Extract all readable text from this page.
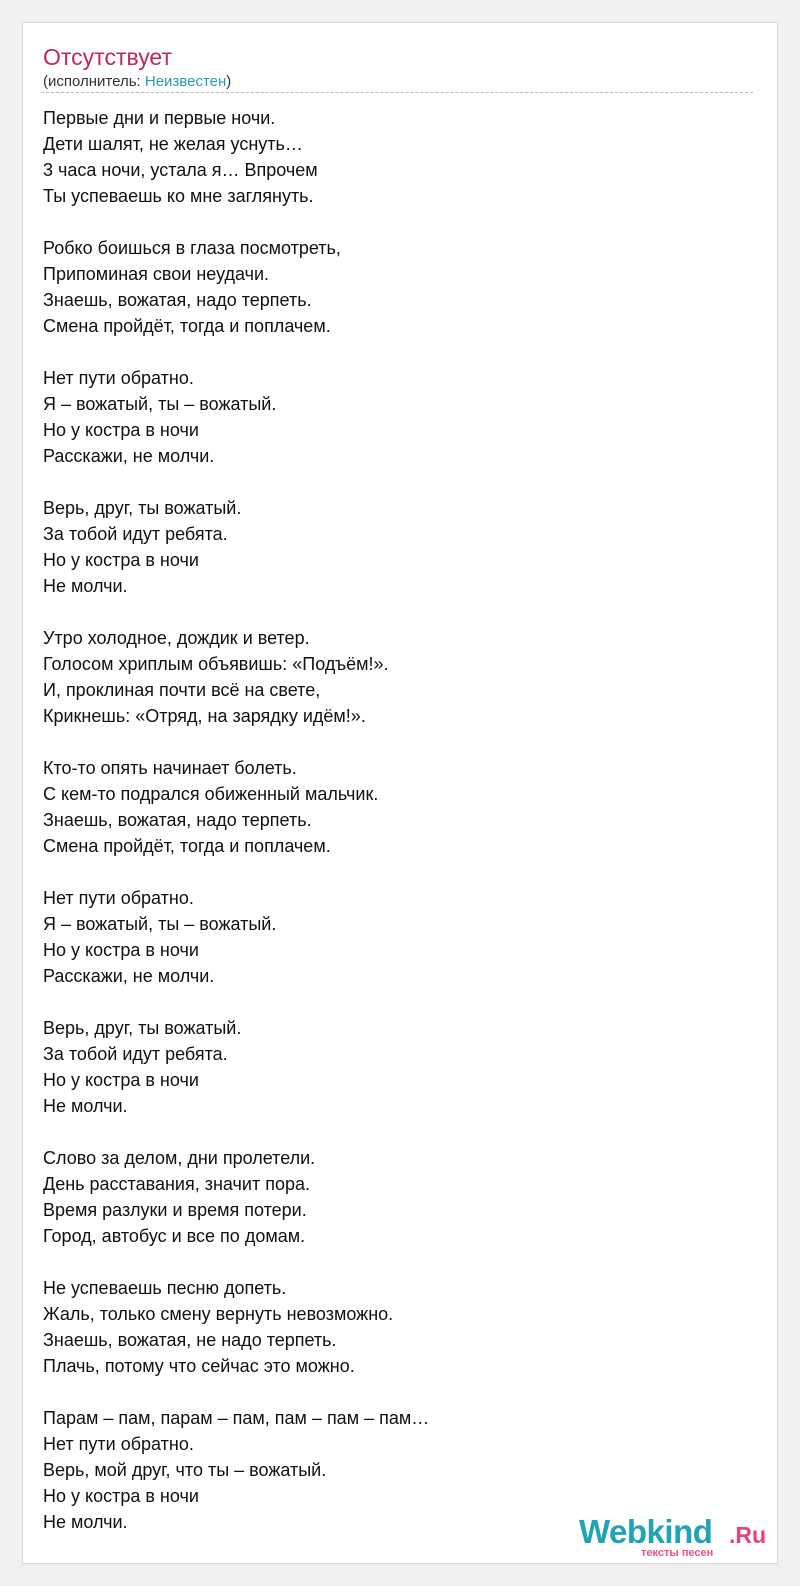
Отсутствует
(исполнитель: Неизвестен)
Первые дни и первые ночи.
Дети шалят, не желая уснуть…
3 часа ночи, устала я… Впрочем
Ты успеваешь ко мне заглянуть.
Робко боишься в глаза посмотреть,
Припоминая свои неудачи.
Знаешь, вожатая, надо терпеть.
Смена пройдёт, тогда и поплачем.
Нет пути обратно.
Я – вожатый, ты – вожатый.
Но у костра в ночи
Расскажи, не молчи.
Верь, друг, ты вожатый.
За тобой идут ребята.
Но у костра в ночи
Не молчи.
Утро холодное, дождик и ветер.
Голосом хриплым объявишь: «Подъём!».
И, проклиная почти всё на свете,
Крикнешь: «Отряд, на зарядку идём!».
Кто-то опять начинает болеть.
С кем-то подрался обиженный мальчик.
Знаешь, вожатая, надо терпеть.
Смена пройдёт, тогда и поплачем.
Нет пути обратно.
Я – вожатый, ты – вожатый.
Но у костра в ночи
Расскажи, не молчи.
Верь, друг, ты вожатый.
За тобой идут ребята.
Но у костра в ночи
Не молчи.
Слово за делом, дни пролетели.
День расставания, значит пора.
Время разлуки и время потери.
Город, автобус и все по домам.
Не успеваешь песню допеть.
Жаль, только смену вернуть невозможно.
Знаешь, вожатая, не надо терпеть.
Плачь, потому что сейчас это можно.
Парам – пам, парам – пам, пам – пам – пам…
Нет пути обратно.
Верь, мой друг, что ты – вожатый.
Но у костра в ночи
Не молчи.	Webkind .Ru
тексты песен
